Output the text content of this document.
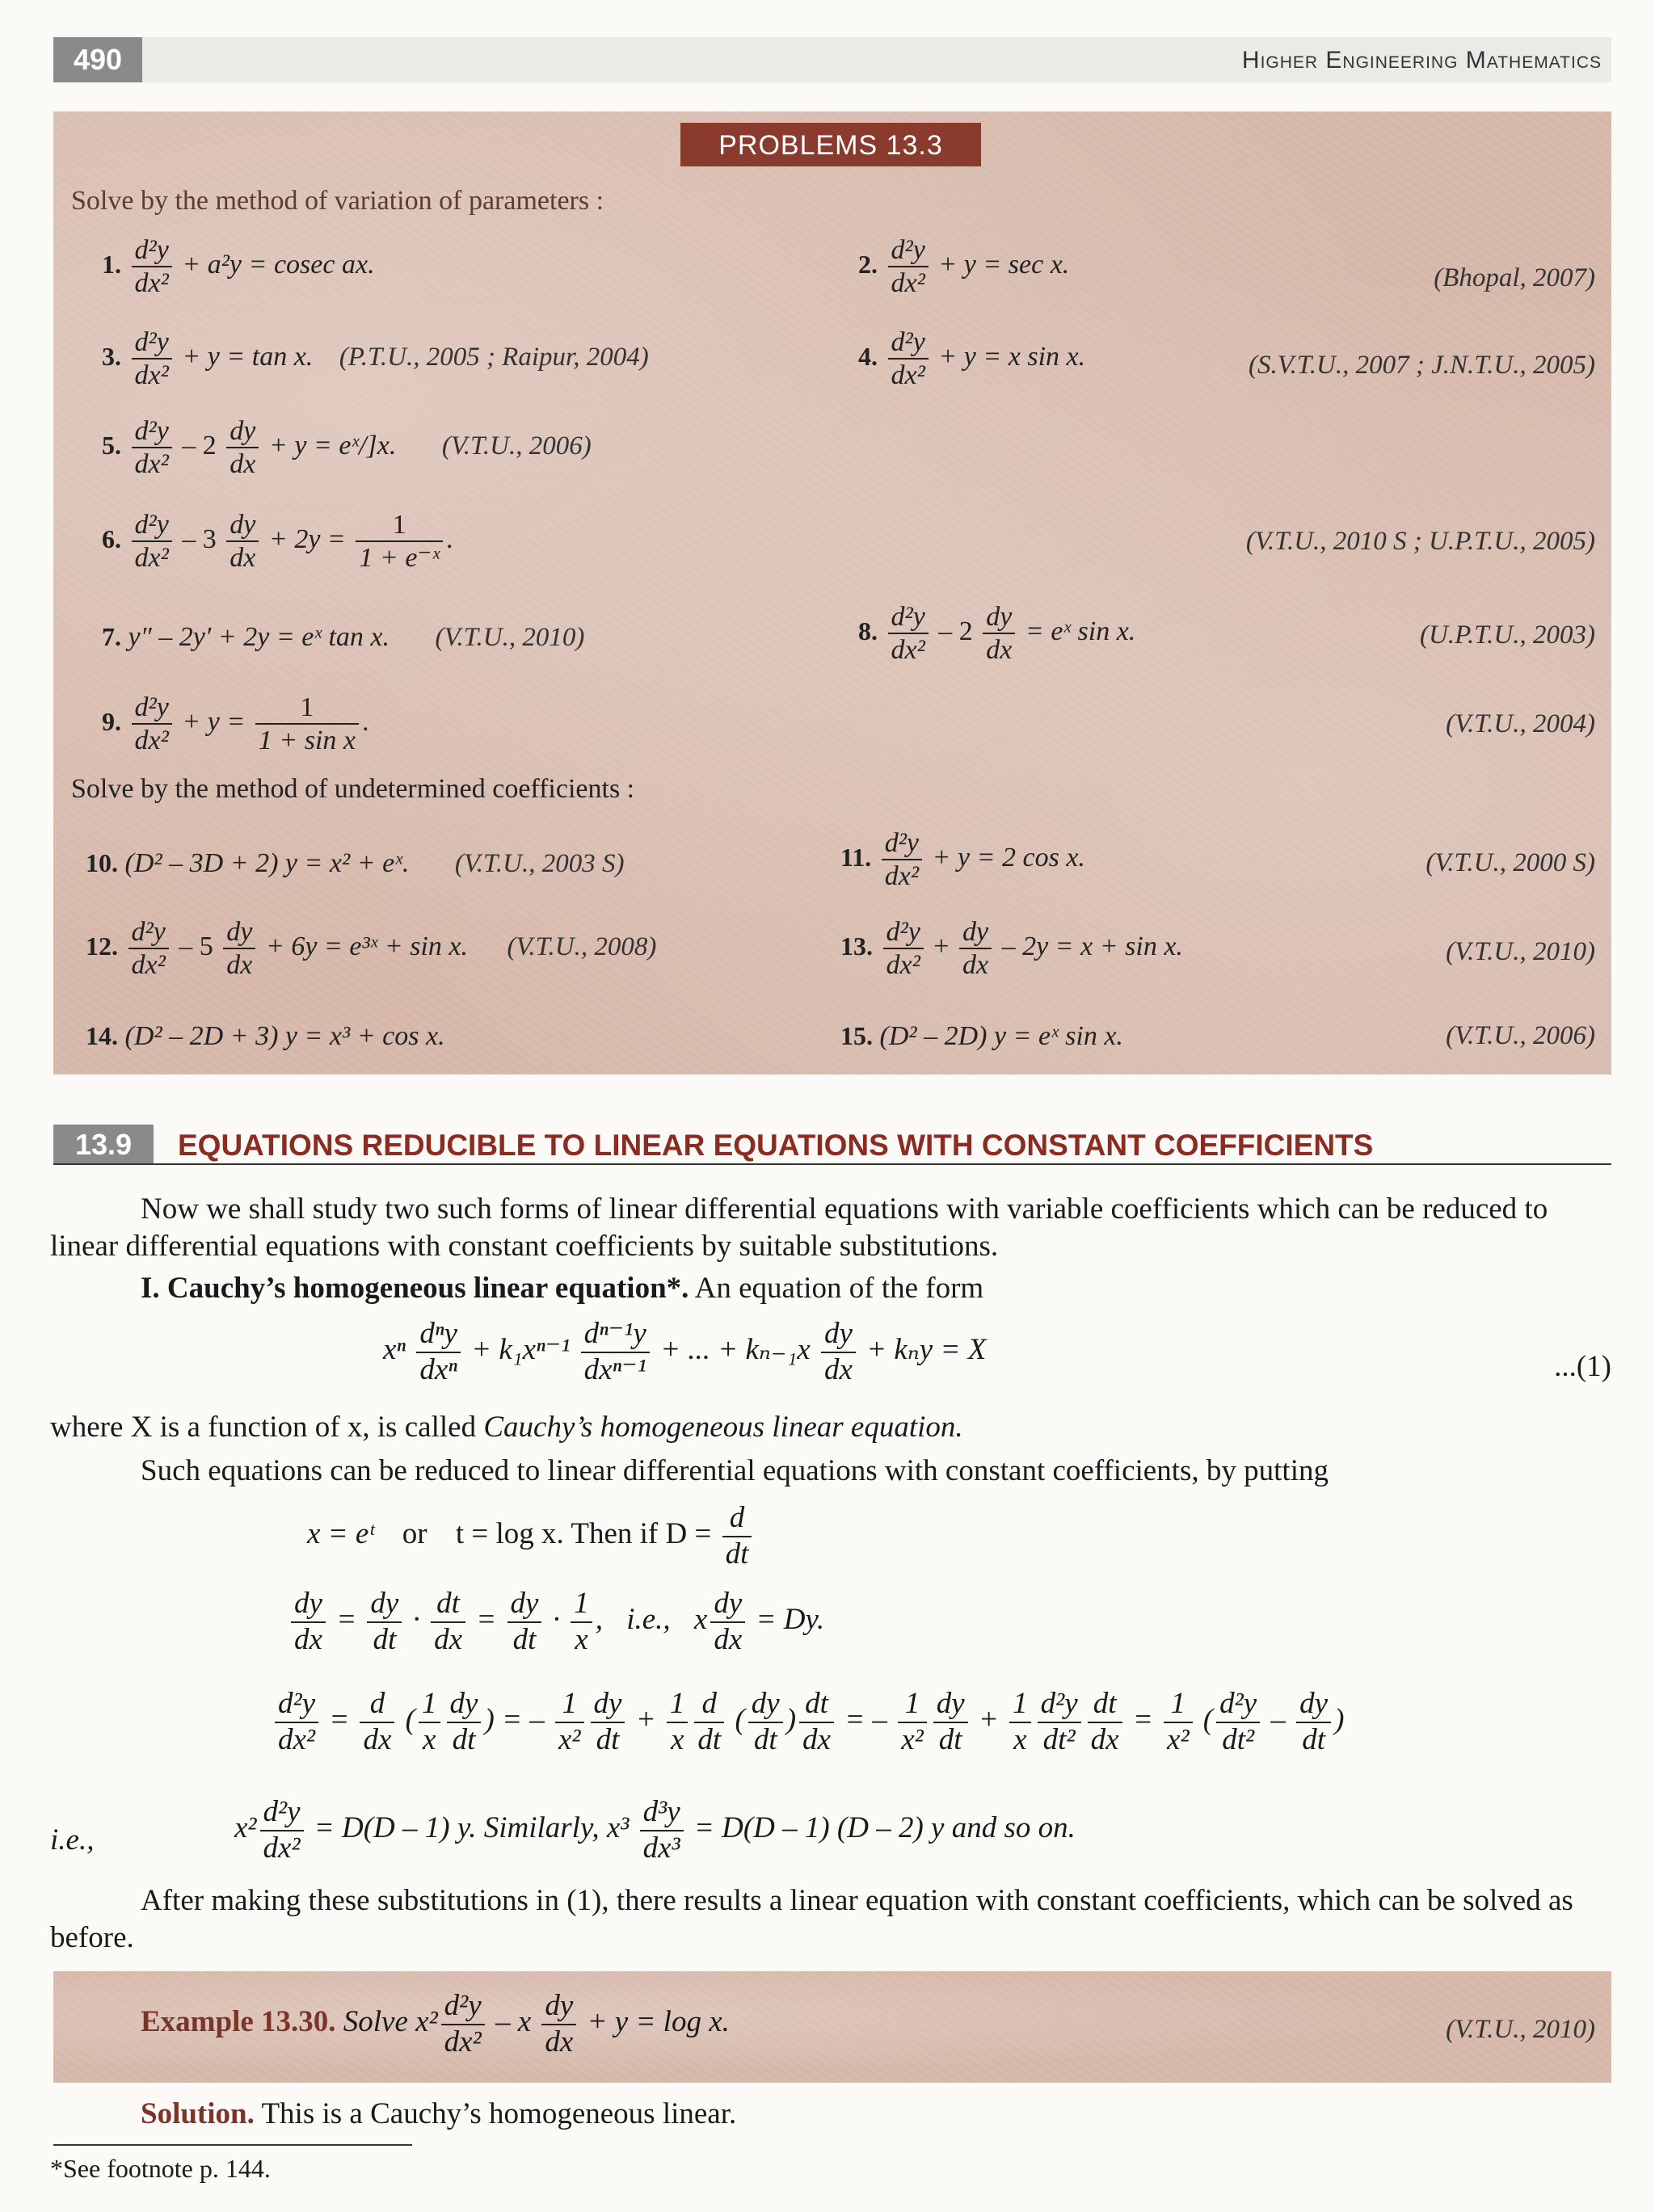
490	Higher Engineering Mathematics
PROBLEMS 13.3
Solve by the method of variation of parameters :
1. $\frac{\text{d²y}}{\text{dx²}} + a^2y = cosec$ ax.	2. $\frac{\text{d²y}}{\text{dx²}} + y = \sec x$.	(Bhopal, 2007)
3. $\frac{\text{d²y}}{\text{dx²}} + y = \tan x$. (P.T.U., 2005 ; Raipur, 2004)	4. $\frac{\text{d²y}}{\text{dx²}} + y = x$ sin x.	(S.V.T.U., 2007 ; J.N.T.U., 2005)
5. $\frac{\text{d²y}}{\text{dx²}} - 2 \frac{dy}{dx} + y$ = eˣ/]x. (V.T.U., 2006)
6. $\frac{\text{d²y}}{\text{dx²}} - 3 \frac{dy}{dx} + 2y = \frac{1}{\text{1 + e⁻ˣ}}$ .	(V.T.U., 2010 S ; U.P.T.U., 2005)
7. y″ – 2y′ + 2y = eˣ tan x. (V.T.U., 2010)	8. $\frac{\text{d²y}}{\text{dx²}} - 2 \frac{dy}{dx}$ = eˣ sin x.	(U.P.T.U., 2003)
9. $\frac{\text{d²y}}{\text{dx²}} + y = \frac{1}{\text{1 + sin x}}$ .	(V.T.U., 2004)
Solve by the method of undetermined coefficients :
10. (D² – 3D + 2) y = x² + eˣ. (V.T.U., 2003 S)	11. $\frac{\text{d²y}}{\text{dx²}} + y = 2$ cos x.	(V.T.U., 2000 S)
12. $\frac{\text{d²y}}{\text{dx²}} - 5 \frac{dy}{dx} + 6y$ = e³ˣ + sin x. (V.T.U., 2008)	13. $\frac{\text{d²y}}{\text{dx²}} + \frac{dy}{dx} - 2y = x + \sin x$.	(V.T.U., 2010)
14. (D² – 2D + 3) y = x³ + cos x.	15. (D² – 2D) y = eˣ sin x.	(V.T.U., 2006)
13.9	EQUATIONS REDUCIBLE TO LINEAR EQUATIONS WITH CONSTANT COEFFICIENTS
Now we shall study two such forms of linear differential equations with variable coefficients which can be reduced to linear differential equations with constant coefficients by suitable substitutions.
I. Cauchy’s homogeneous linear equation*. An equation of the form
xⁿ $\frac{\text{dⁿy}}{\text{dxⁿ}} + k_1x^{n-1} \frac{\text{dⁿ⁻¹y}}{\text{dxⁿ⁻¹}}$ + ... + $k_{n-1}x \frac{dy}{dx} + k_ny = X$
...(1)
where X is a function of x, is called Cauchy’s homogeneous linear equation.
Such equations can be reduced to linear differential equations with constant coefficients, by putting
x = eᵗ or t = log x. Then if $D = \frac{d}{dt}$
$\frac{dy}{dx} = \frac{dy}{dt} \cdot \frac{dt}{dx} = \frac{dy}{dt} \cdot \frac{1}{x}$ , i.e., x $\frac{dy}{dx} = Dy$.
$\frac{\text{d²y}}{\text{dx²}} = \frac{d}{dx}$ ( $\frac{1}{x} \frac{dy}{dt}$ ) = – $\frac{1}{\text{x²}} \frac{dy}{dt} + \frac{1}{x} \frac{d}{dt}$ ( $\frac{dy}{dt}$ ) $\frac{dt}{dx}$ = – $\frac{1}{\text{x²}} \frac{dy}{dt} + \frac{1}{x} \frac{\text{d²y}}{\text{dt²}} \frac{dt}{dx} = \frac{1}{\text{x²}}$ ( $\frac{\text{d²y}}{\text{dt²}} - \frac{dy}{dt}$ )
i.e.,	$x^2 \frac{\text{d²y}}{\text{dx²}} = D(D - 1)$ y. Similarly, $x^3 \frac{\text{d³y}}{\text{dx³}} = D(D - 1)$ (D – 2) y and so on.
After making these substitutions in (1), there results a linear equation with constant coefficients, which can be solved as before.
Example 13.30. Solve $x^2 \frac{\text{d²y}}{\text{dx²}} - x \frac{dy}{dx} + y = \log x$.	(V.T.U., 2010)
Solution. This is a Cauchy’s homogeneous linear.
*See footnote p. 144.
